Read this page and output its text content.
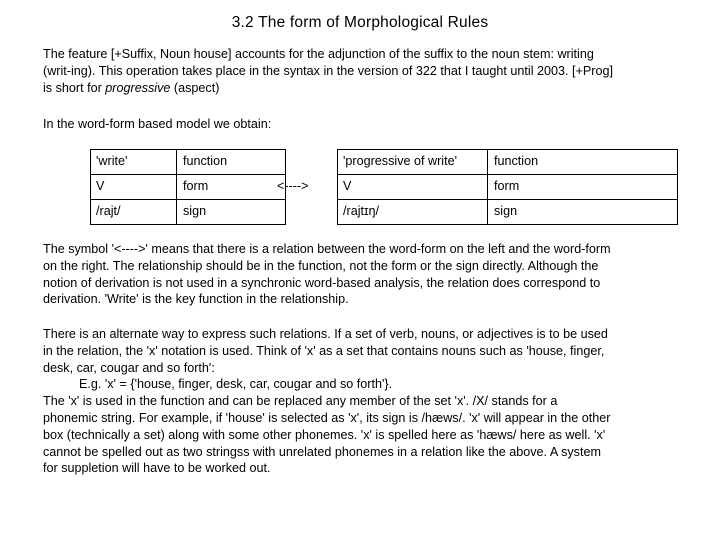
3.2 The form of Morphological Rules

The feature [+Suffix, Noun house] accounts for the adjunction of the suffix to the noun stem: writing
(writ-ing). This operation takes place in the syntax in the version of 322 that I taught until 2003. [+Prog]
is short for progressive (aspect)

In the word-form based model we obtain:

'write'	function
V	form
/rajt/	sign
<---->
'progressive of write'	function
V	form
/rajtɪŋ/	sign

The symbol '<---->' means that there is a relation between the word-form on the left and the word-form
on the right. The relationship should be in the function, not the form or the sign directly. Although the
notion of derivation is not used in a synchronic word-based analysis, the relation does correspond to
derivation. 'Write' is the key function in the relationship.

There is an alternate way to express such relations. If a set of verb, nouns, or adjectives is to be used
in the relation, the 'x' notation is used. Think of 'x' as a set that contains nouns such as 'house, finger,
desk, car, cougar and so forth':
E.g. 'x' = {'house, finger, desk, car, cougar and so forth'}.
The 'x' is used in the function and can be replaced any member of the set 'x'. /X/ stands for a
phonemic string. For example, if 'house' is selected as 'x', its sign is /hæws/. 'x' will appear in the other
box (technically a set) along with some other phonemes. 'x' is spelled here as 'hæws/ here as well. 'x'
cannot be spelled out as two stringss with unrelated phonemes in a relation like the above. A system
for suppletion will have to be worked out.
